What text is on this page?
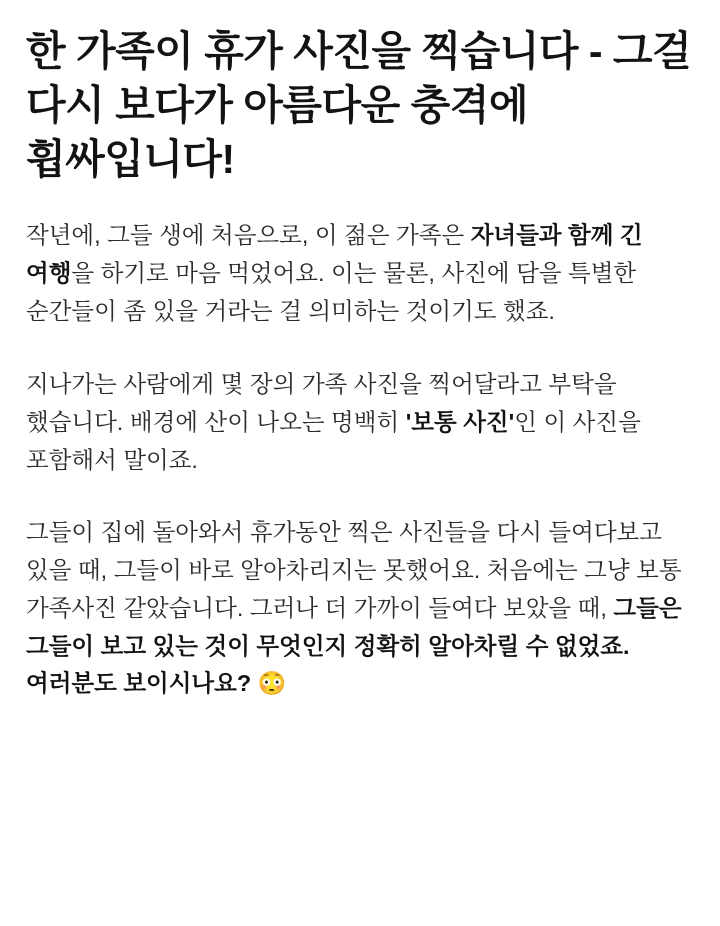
한 가족이 휴가 사진을 찍습니다 - 그걸 다시 보다가 아름다운 충격에 휩싸입니다!

작년에, 그들 생에 처음으로, 이 젊은 가족은 자녀들과 함께 긴 여행을 하기로 마음 먹었어요. 이는 물론, 사진에 담을 특별한 순간들이 좀 있을 거라는 걸 의미하는 것이기도 했죠.

지나가는 사람에게 몇 장의 가족 사진을 찍어달라고 부탁을 했습니다. 배경에 산이 나오는 명백히 '보통 사진'인 이 사진을 포함해서 말이죠.

그들이 집에 돌아와서 휴가동안 찍은 사진들을 다시 들여다보고 있을 때, 그들이 바로 알아차리지는 못했어요. 처음에는 그냥 보통 가족사진 같았습니다. 그러나 더 가까이 들여다 보았을 때, 그들은 그들이 보고 있는 것이 무엇인지 정확히 알아차릴 수 없었죠.

여러분도 보이시나요? 😳
